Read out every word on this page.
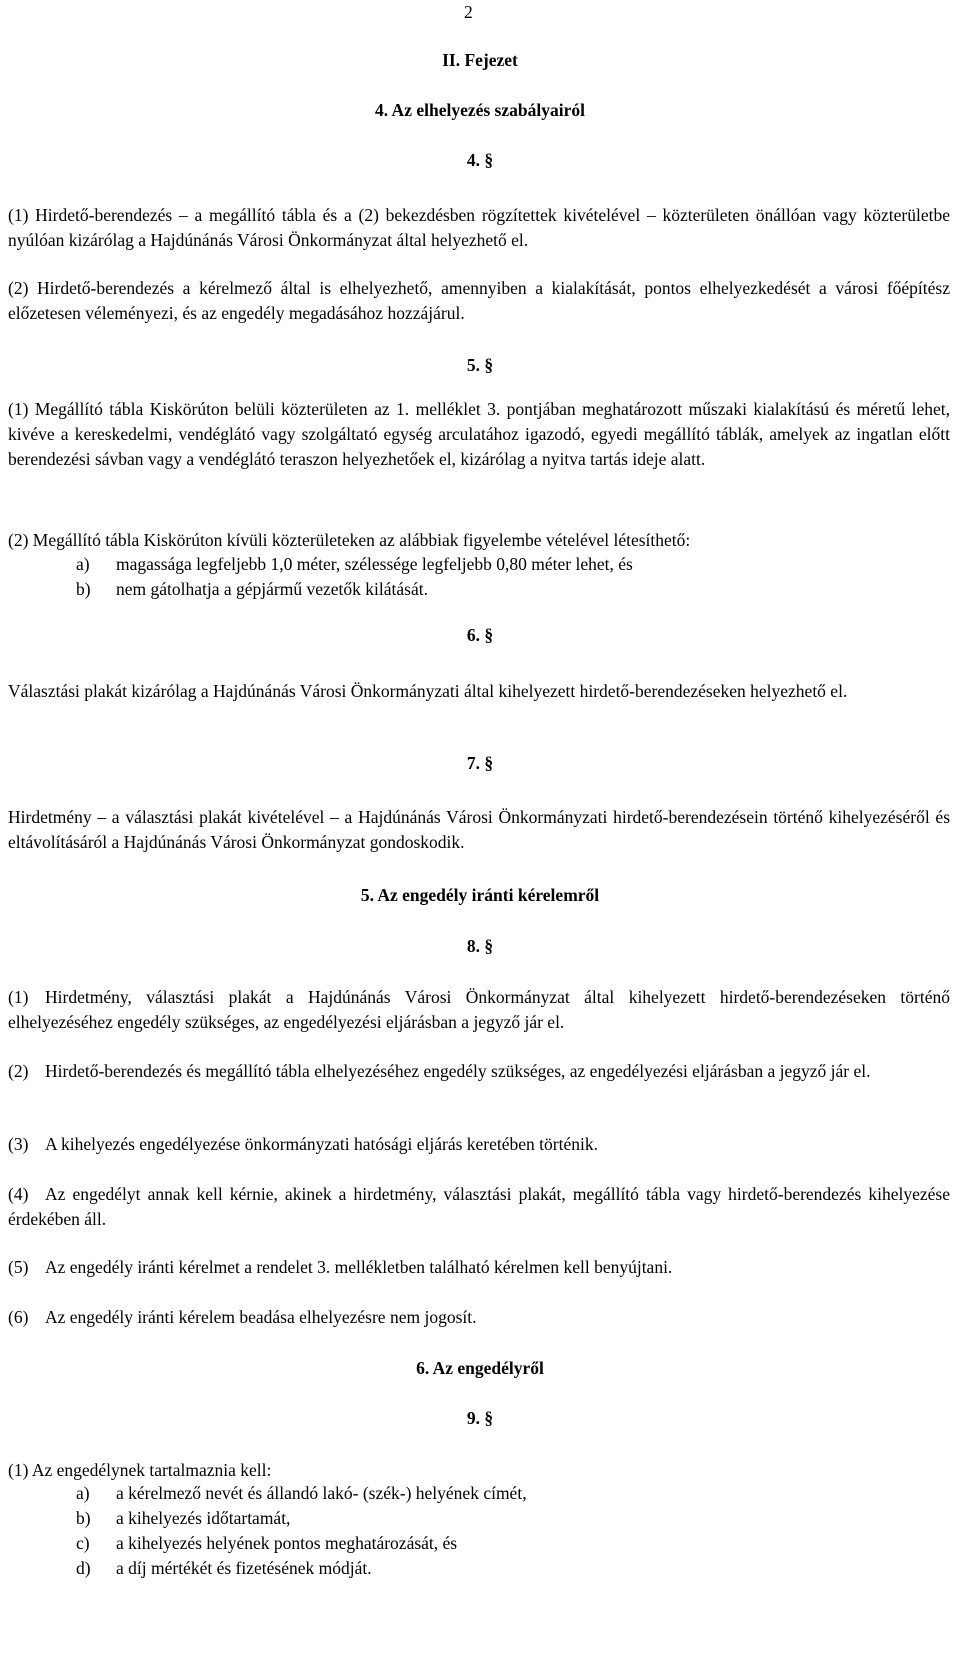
2
II. Fejezet
4. Az elhelyezés szabályairól
4. §
(1) Hirdető-berendezés – a megállító tábla és a (2) bekezdésben rögzítettek kivételével – közterületen önállóan vagy közterületbe nyúlóan kizárólag a Hajdúnánás Városi Önkormányzat által helyezhető el.
(2) Hirdető-berendezés a kérelmező által is elhelyezhető, amennyiben a kialakítását, pontos elhelyezkedését a városi főépítész előzetesen véleményezi, és az engedély megadásához hozzájárul.
5. §
(1) Megállító tábla Kiskörúton belüli közterületen az 1. melléklet 3. pontjában meghatározott műszaki kialakítású és méretű lehet, kivéve a kereskedelmi, vendéglátó vagy szolgáltató egység arculatához igazodó, egyedi megállító táblák, amelyek az ingatlan előtt berendezési sávban vagy a vendéglátó teraszon helyezhetőek el, kizárólag a nyitva tartás ideje alatt.
(2) Megállító tábla Kiskörúton kívüli közterületeken az alábbiak figyelembe vételével létesíthető:
a)	magassága legfeljebb 1,0 méter, szélessége legfeljebb 0,80 méter lehet, és
b)	nem gátolhatja a gépjármű vezetők kilátását.
6. §
Választási plakát kizárólag a Hajdúnánás Városi Önkormányzati által kihelyezett hirdető-berendezéseken helyezhető el.
7. §
Hirdetmény – a választási plakát kivételével – a Hajdúnánás Városi Önkormányzati hirdető-berendezésein történő kihelyezéséről és eltávolításáról a Hajdúnánás Városi Önkormányzat gondoskodik.
5. Az engedély iránti kérelemről
8. §
(1) Hirdetmény, választási plakát a Hajdúnánás Városi Önkormányzat által kihelyezett hirdető-berendezéseken történő elhelyezéséhez engedély szükséges, az engedélyezési eljárásban a jegyző jár el.
(2) Hirdető-berendezés és megállító tábla elhelyezéséhez engedély szükséges, az engedélyezési eljárásban a jegyző jár el.
(3) A kihelyezés engedélyezése önkormányzati hatósági eljárás keretében történik.
(4) Az engedélyt annak kell kérnie, akinek a hirdetmény, választási plakát, megállító tábla vagy hirdető-berendezés kihelyezése érdekében áll.
(5) Az engedély iránti kérelmet a rendelet 3. mellékletben található kérelmen kell benyújtani.
(6) Az engedély iránti kérelem beadása elhelyezésre nem jogosít.
6. Az engedélyről
9. §
(1) Az engedélynek tartalmaznia kell:
a)	a kérelmező nevét és állandó lakó- (szék-) helyének címét,
b)	a kihelyezés időtartamát,
c)	a kihelyezés helyének pontos meghatározását, és
d)	a díj mértékét és fizetésének módját.
